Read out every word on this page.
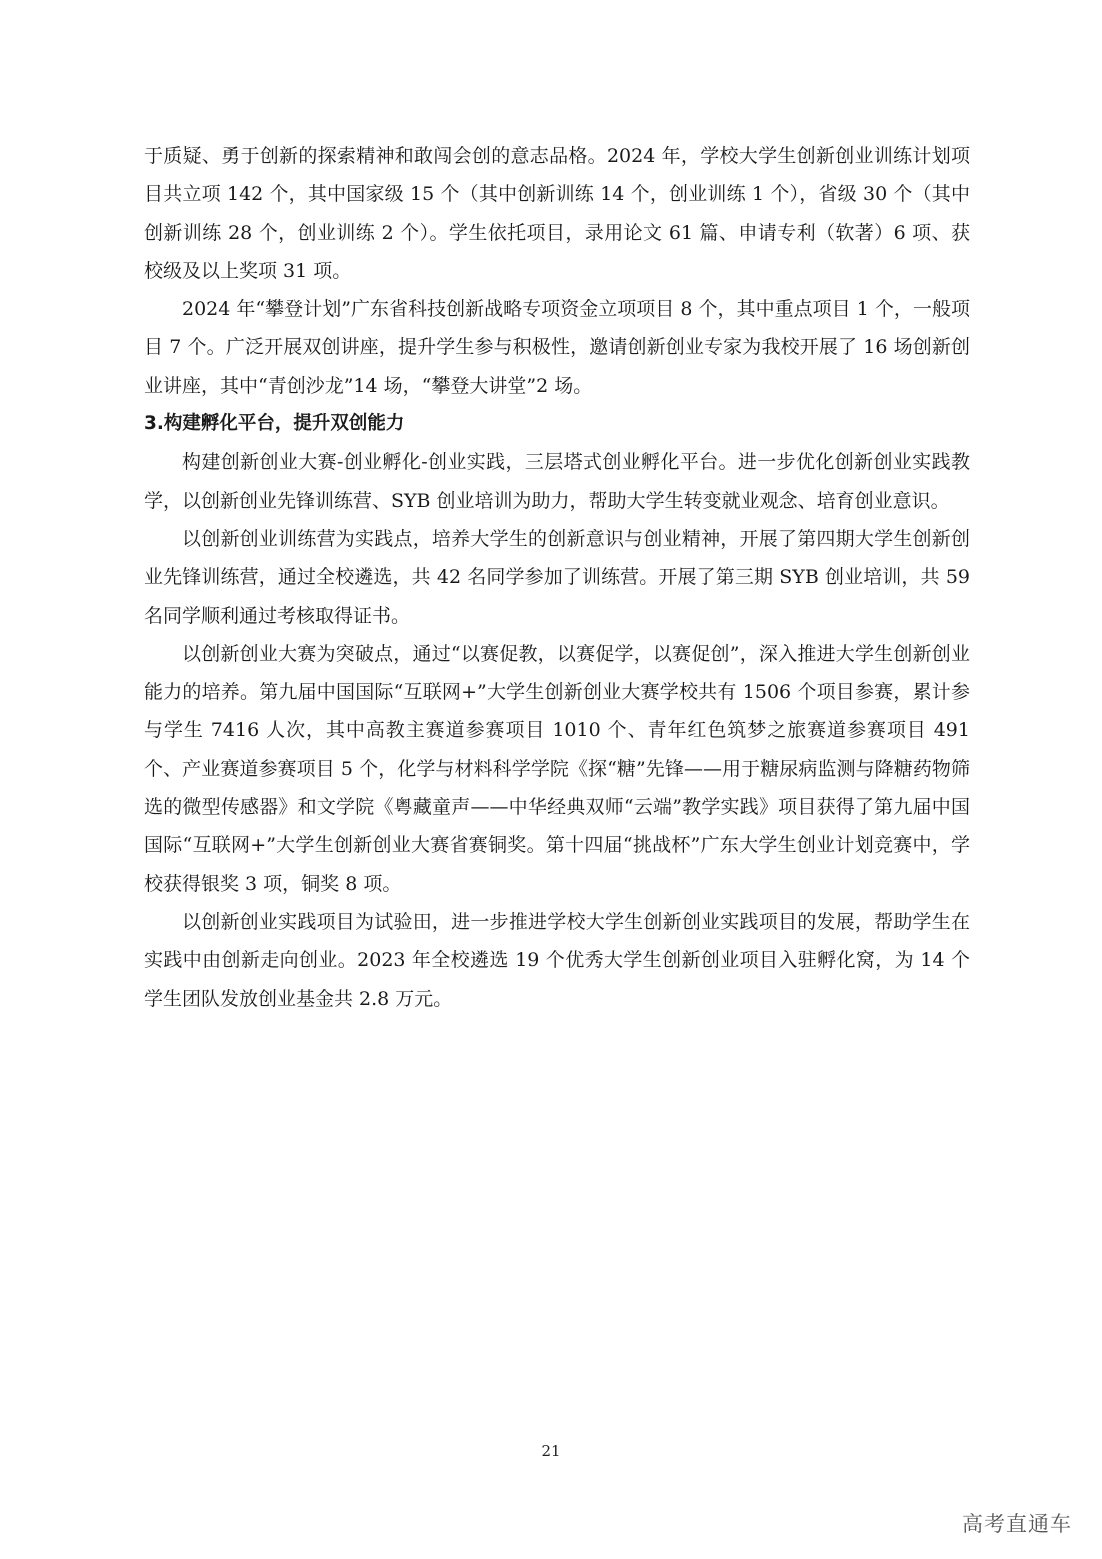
于质疑、勇于创新的探索精神和敢闯会创的意志品格。2024 年，学校大学生创新创业训练计划项目共立项 142 个，其中国家级 15 个（其中创新训练 14 个，创业训练 1 个），省级 30 个（其中创新训练 28 个，创业训练 2 个）。学生依托项目，录用论文 61 篇、申请专利（软著）6 项、获校级及以上奖项 31 项。

2024 年“攀登计划”广东省科技创新战略专项资金立项项目 8 个，其中重点项目 1 个，一般项目 7 个。广泛开展双创讲座，提升学生参与积极性，邀请创新创业专家为我校开展了 16 场创新创业讲座，其中“青创沙龙”14 场，“攀登大讲堂”2 场。

3.构建孵化平台，提升双创能力

构建创新创业大赛-创业孵化-创业实践，三层塔式创业孵化平台。进一步优化创新创业实践教学，以创新创业先锋训练营、SYB 创业培训为助力，帮助大学生转变就业观念、培育创业意识。

以创新创业训练营为实践点，培养大学生的创新意识与创业精神，开展了第四期大学生创新创业先锋训练营，通过全校遴选，共 42 名同学参加了训练营。开展了第三期 SYB 创业培训，共 59 名同学顺利通过考核取得证书。

以创新创业大赛为突破点，通过“以赛促教，以赛促学，以赛促创”，深入推进大学生创新创业能力的培养。第九届中国国际“互联网+”大学生创新创业大赛学校共有 1506 个项目参赛，累计参与学生 7416 人次，其中高教主赛道参赛项目 1010 个、青年红色筑梦之旅赛道参赛项目 491 个、产业赛道参赛项目 5 个，化学与材料科学学院《探“糖”先锋——用于糖尿病监测与降糖药物筛选的微型传感器》和文学院《粤藏童声——中华经典双师“云端”教学实践》项目获得了第九届中国国际“互联网+”大学生创新创业大赛省赛铜奖。第十四届“挑战杯”广东大学生创业计划竞赛中，学校获得银奖 3 项，铜奖 8 项。

以创新创业实践项目为试验田，进一步推进学校大学生创新创业实践项目的发展，帮助学生在实践中由创新走向创业。2023 年全校遴选 19 个优秀大学生创新创业项目入驻孵化窝，为 14 个学生团队发放创业基金共 2.8 万元。

21
高考直通车
